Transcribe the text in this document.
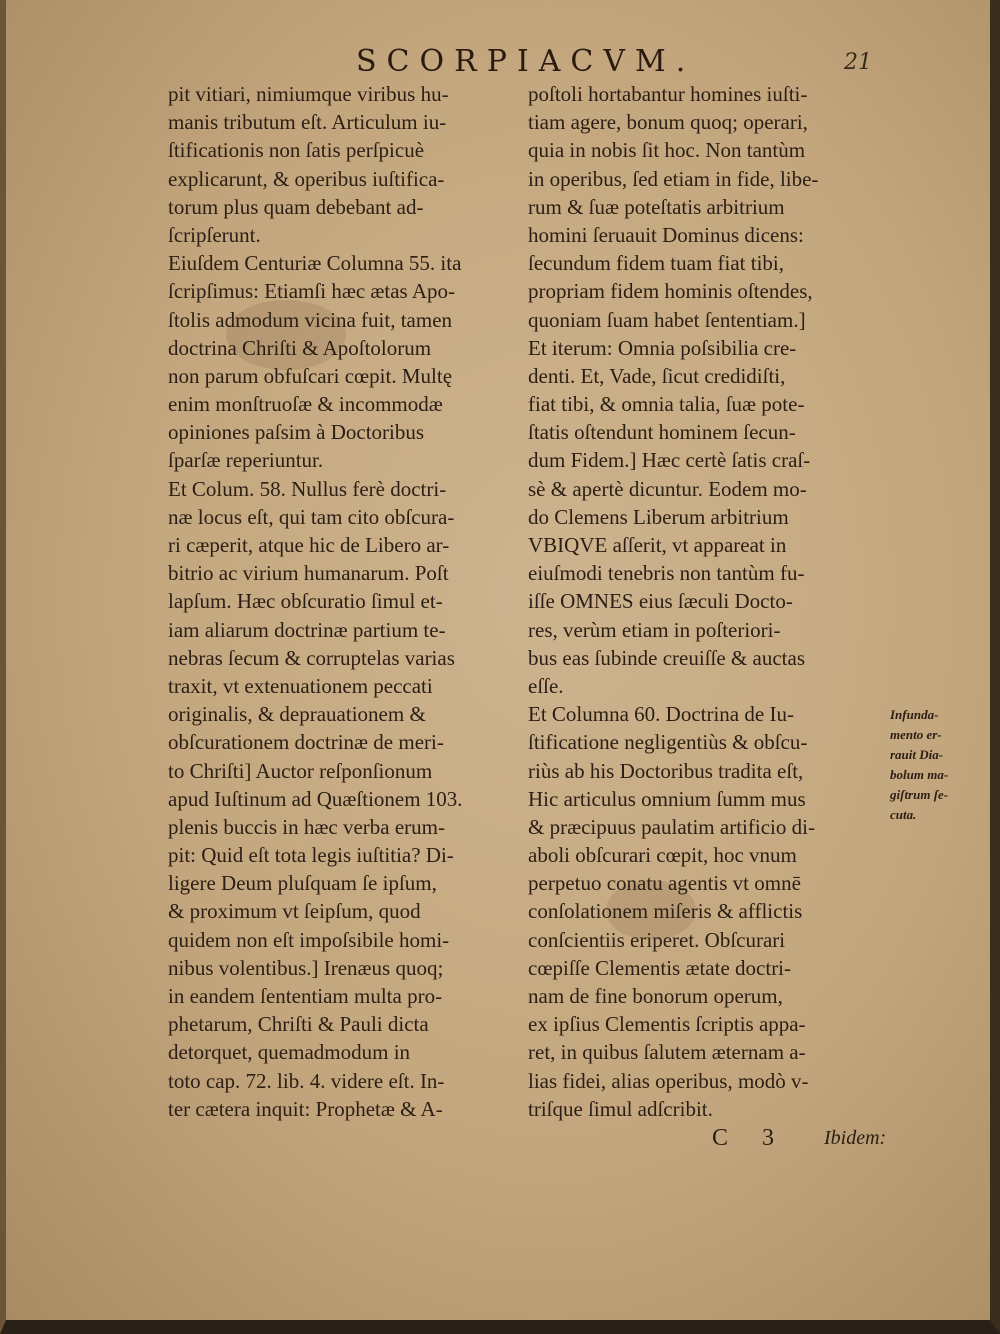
SCORPIACVM.	21
pit vitiari, nimiumque viribus hu-
manis tributum eſt. Articulum iu-
ſtificationis non ſatis perſpicuè
explicarunt, & operibus iuſtifica-
torum plus quam debebant ad-
ſcripſerunt.
Eiuſdem Centuriæ Columna 55. ita
ſcripſimus: Etiamſi hæc ætas Apo-
ſtolis admodum vicina fuit, tamen
doctrina Chriſti & Apoſtolorum
non parum obfuſcari cœpit. Multę
enim monſtruoſæ & incommodæ
opiniones paſsim à Doctoribus
ſparſæ reperiuntur.
Et Colum. 58. Nullus ferè doctri-
næ locus eſt, qui tam cito obſcura-
ri cæperit, atque hic de Libero ar-
bitrio ac virium humanarum. Poſt
lapſum. Hæc obſcuratio ſimul et-
iam aliarum doctrinæ partium te-
nebras ſecum & corruptelas varias
traxit, vt extenuationem peccati
originalis, & deprauationem &
obſcurationem doctrinæ de meri-
to Chriſti] Auctor reſponſionum
apud Iuſtinum ad Quæſtionem 103.
plenis buccis in hæc verba erum-
pit: Quid eſt tota legis iuſtitia? Di-
ligere Deum pluſquam ſe ipſum,
& proximum vt ſeipſum, quod
quidem non eſt impoſsibile homi-
nibus volentibus.] Irenæus quoq;
in eandem ſententiam multa pro-
phetarum, Chriſti & Pauli dicta
detorquet, quemadmodum in
toto cap. 72. lib. 4. videre eſt. In-
ter cætera inquit: Prophetæ & A-
poſtoli hortabantur homines iuſti-
tiam agere, bonum quoq; operari,
quia in nobis ſit hoc. Non tantùm
in operibus, ſed etiam in fide, libe-
rum & ſuæ poteſtatis arbitrium
homini ſeruauit Dominus dicens:
ſecundum fidem tuam fiat tibi,
propriam fidem hominis oſtendes,
quoniam ſuam habet ſententiam.]
Et iterum: Omnia poſsibilia cre-
denti. Et, Vade, ſicut credidiſti,
fiat tibi, & omnia talia, ſuæ pote-
ſtatis oſtendunt hominem ſecun-
dum Fidem.] Hæc certè ſatis craſ-
sè & apertè dicuntur. Eodem mo-
do Clemens Liberum arbitrium
VBIQVE aſſerit, vt appareat in
eiuſmodi tenebris non tantùm fu-
iſſe OMNES eius ſæculi Docto-
res, verùm etiam in poſteriori-
bus eas ſubinde creuiſſe & auctas
eſſe.
Et Columna 60. Doctrina de Iu-
ſtificatione negligentiùs & obſcu-
riùs ab his Doctoribus tradita eſt,
Hic articulus omnium ſumm mus
& præcipuus paulatim artificio di-
aboli obſcurari cœpit, hoc vnum
perpetuo conatu agentis vt omnē
conſolationem miſeris & afflictis
conſcientiis eriperet. Obſcurari
cœpiſſe Clementis ætate doctri-
nam de fine bonorum operum,
ex ipſius Clementis ſcriptis appa-
ret, in quibus ſalutem æternam a-
lias fidei, alias operibus, modò v-
triſque ſimul adſcribit.
Infunda-
mento er-
rauit Dia-
bolum ma-
giſtrum ſe-
cuta.
C 3 Ibidem:
